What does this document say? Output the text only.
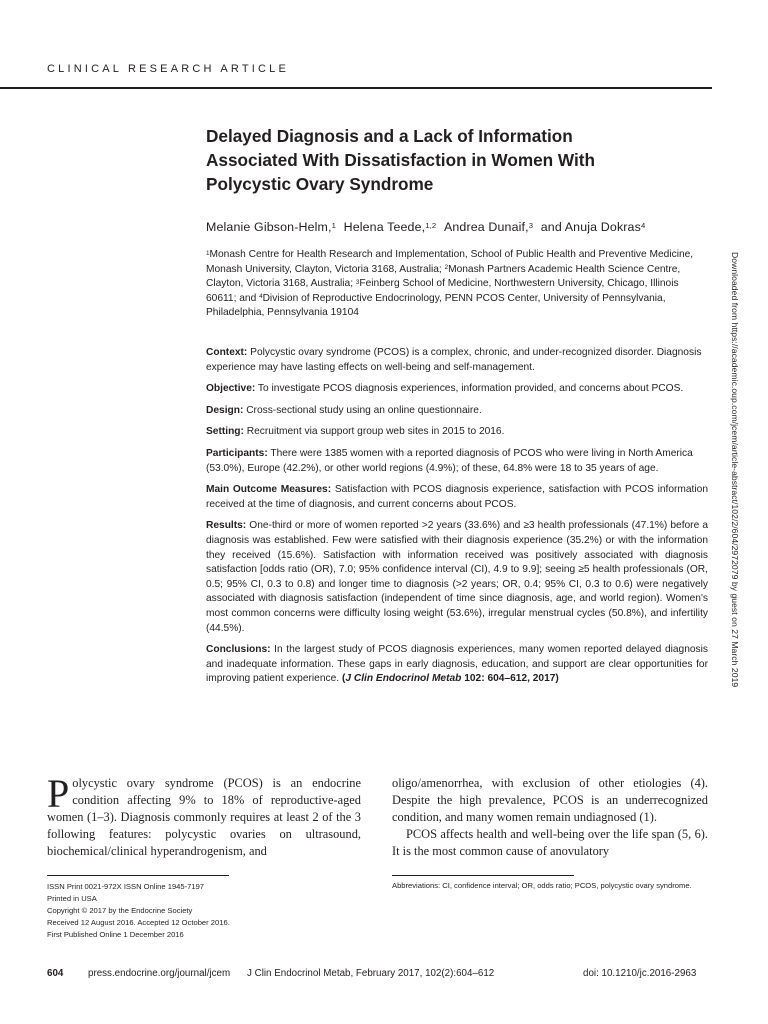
CLINICAL RESEARCH ARTICLE
Delayed Diagnosis and a Lack of Information
Associated With Dissatisfaction in Women With
Polycystic Ovary Syndrome
Melanie Gibson-Helm,$^1$ Helena Teede,$^{1,2}$ Andrea Dunaif,$^3$ and Anuja Dokras$^4$
$^1$Monash Centre for Health Research and Implementation, School of Public Health and Preventive Medicine,
Monash University, Clayton, Victoria 3168, Australia; $^2$Monash Partners Academic Health Science Centre,
Clayton, Victoria 3168, Australia; $^3$Feinberg School of Medicine, Northwestern University, Chicago, Illinois
60611; and $^4$Division of Reproductive Endocrinology, PENN PCOS Center, University of Pennsylvania,
Philadelphia, Pennsylvania 19104

Context: Polycystic ovary syndrome (PCOS) is a complex, chronic, and under-recognized disorder. Diagnosis experience may have lasting effects on well-being and self-management.

Objective: To investigate PCOS diagnosis experiences, information provided, and concerns about PCOS.

Design: Cross-sectional study using an online questionnaire.

Setting: Recruitment via support group web sites in 2015 to 2016.

Participants: There were 1385 women with a reported diagnosis of PCOS who were living in North America (53.0%), Europe (42.2%), or other world regions (4.9%); of these, 64.8% were 18 to 35 years of age.

Main Outcome Measures: Satisfaction with PCOS diagnosis experience, satisfaction with PCOS information received at the time of diagnosis, and current concerns about PCOS.

Results: One-third or more of women reported >2 years (33.6%) and ≥3 health professionals (47.1%) before a diagnosis was established. Few were satisfied with their diagnosis experience (35.2%) or with the information they received (15.6%). Satisfaction with information received was positively associated with diagnosis satisfaction [odds ratio (OR), 7.0; 95% confidence interval (CI), 4.9 to 9.9]; seeing ≥5 health professionals (OR, 0.5; 95% CI, 0.3 to 0.8) and longer time to diagnosis (>2 years; OR, 0.4; 95% CI, 0.3 to 0.6) were negatively associated with diagnosis satisfaction (independent of time since diagnosis, age, and world region). Women's most common concerns were difficulty losing weight (53.6%), irregular menstrual cycles (50.8%), and infertility (44.5%).

Conclusions: In the largest study of PCOS diagnosis experiences, many women reported delayed diagnosis and inadequate information. These gaps in early diagnosis, education, and support are clear opportunities for improving patient experience. (J Clin Endocrinol Metab 102: 604–612, 2017)

Polycystic ovary syndrome (PCOS) is an endocrine condition affecting 9% to 18% of reproductive-aged women (1–3). Diagnosis commonly requires at least 2 of the 3 following features: polycystic ovaries on ultrasound, biochemical/clinical hyperandrogenism, and

oligo/amenorrhea, with exclusion of other etiologies (4). Despite the high prevalence, PCOS is an underrecognized condition, and many women remain undiagnosed (1).

PCOS affects health and well-being over the life span (5, 6). It is the most common cause of anovulatory

ISSN Print 0021-972X ISSN Online 1945-7197
Printed in USA
Copyright © 2017 by the Endocrine Society
Received 12 August 2016. Accepted 12 October 2016.
First Published Online 1 December 2016
Abbreviations: CI, confidence interval; OR, odds ratio; PCOS, polycystic ovary syndrome.
604	press.endocrine.org/journal/jcem J Clin Endocrinol Metab, February 2017, 102(2):604–612	doi: 10.1210/jc.2016-2963
Downloaded from https://academic.oup.com/jcem/article-abstract/102/2/604/2972079 by guest on 27 March 2019
